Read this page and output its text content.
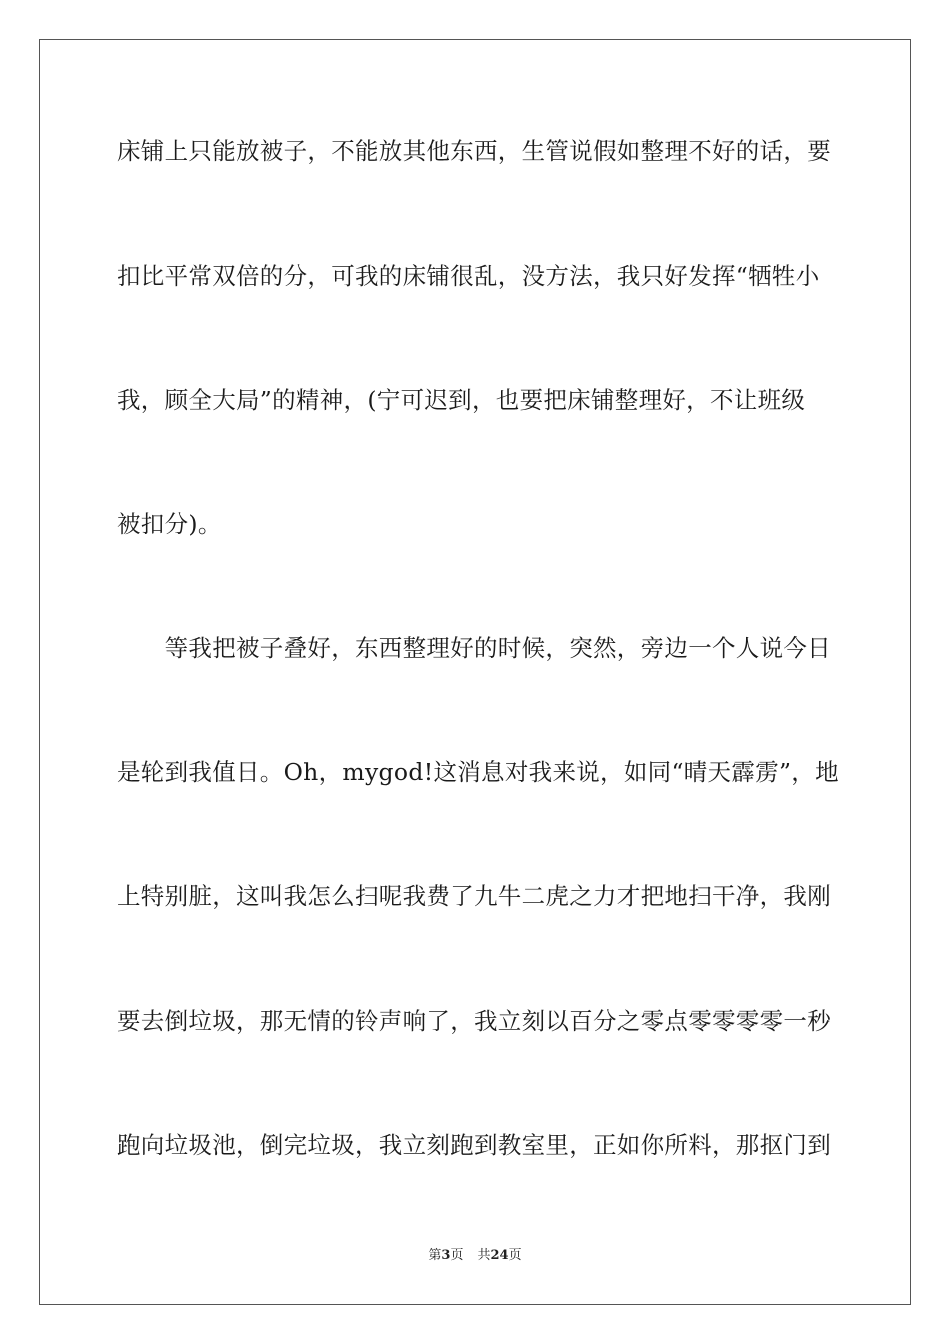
床铺上只能放被子，不能放其他东西，生管说假如整理不好的话，要
扣比平常双倍的分，可我的床铺很乱，没方法，我只好发挥“牺牲小
我，顾全大局”的精神，(宁可迟到，也要把床铺整理好，不让班级
被扣分)。
　　等我把被子叠好，东西整理好的时候，突然，旁边一个人说今日
是轮到我值日。Oh，mygod!这消息对我来说，如同“晴天霹雳”，地
上特别脏，这叫我怎么扫呢我费了九牛二虎之力才把地扫干净，我刚
要去倒垃圾，那无情的铃声响了，我立刻以百分之零点零零零零一秒
跑向垃圾池，倒完垃圾，我立刻跑到教室里，正如你所料，那抠门到
第3页 共24页
